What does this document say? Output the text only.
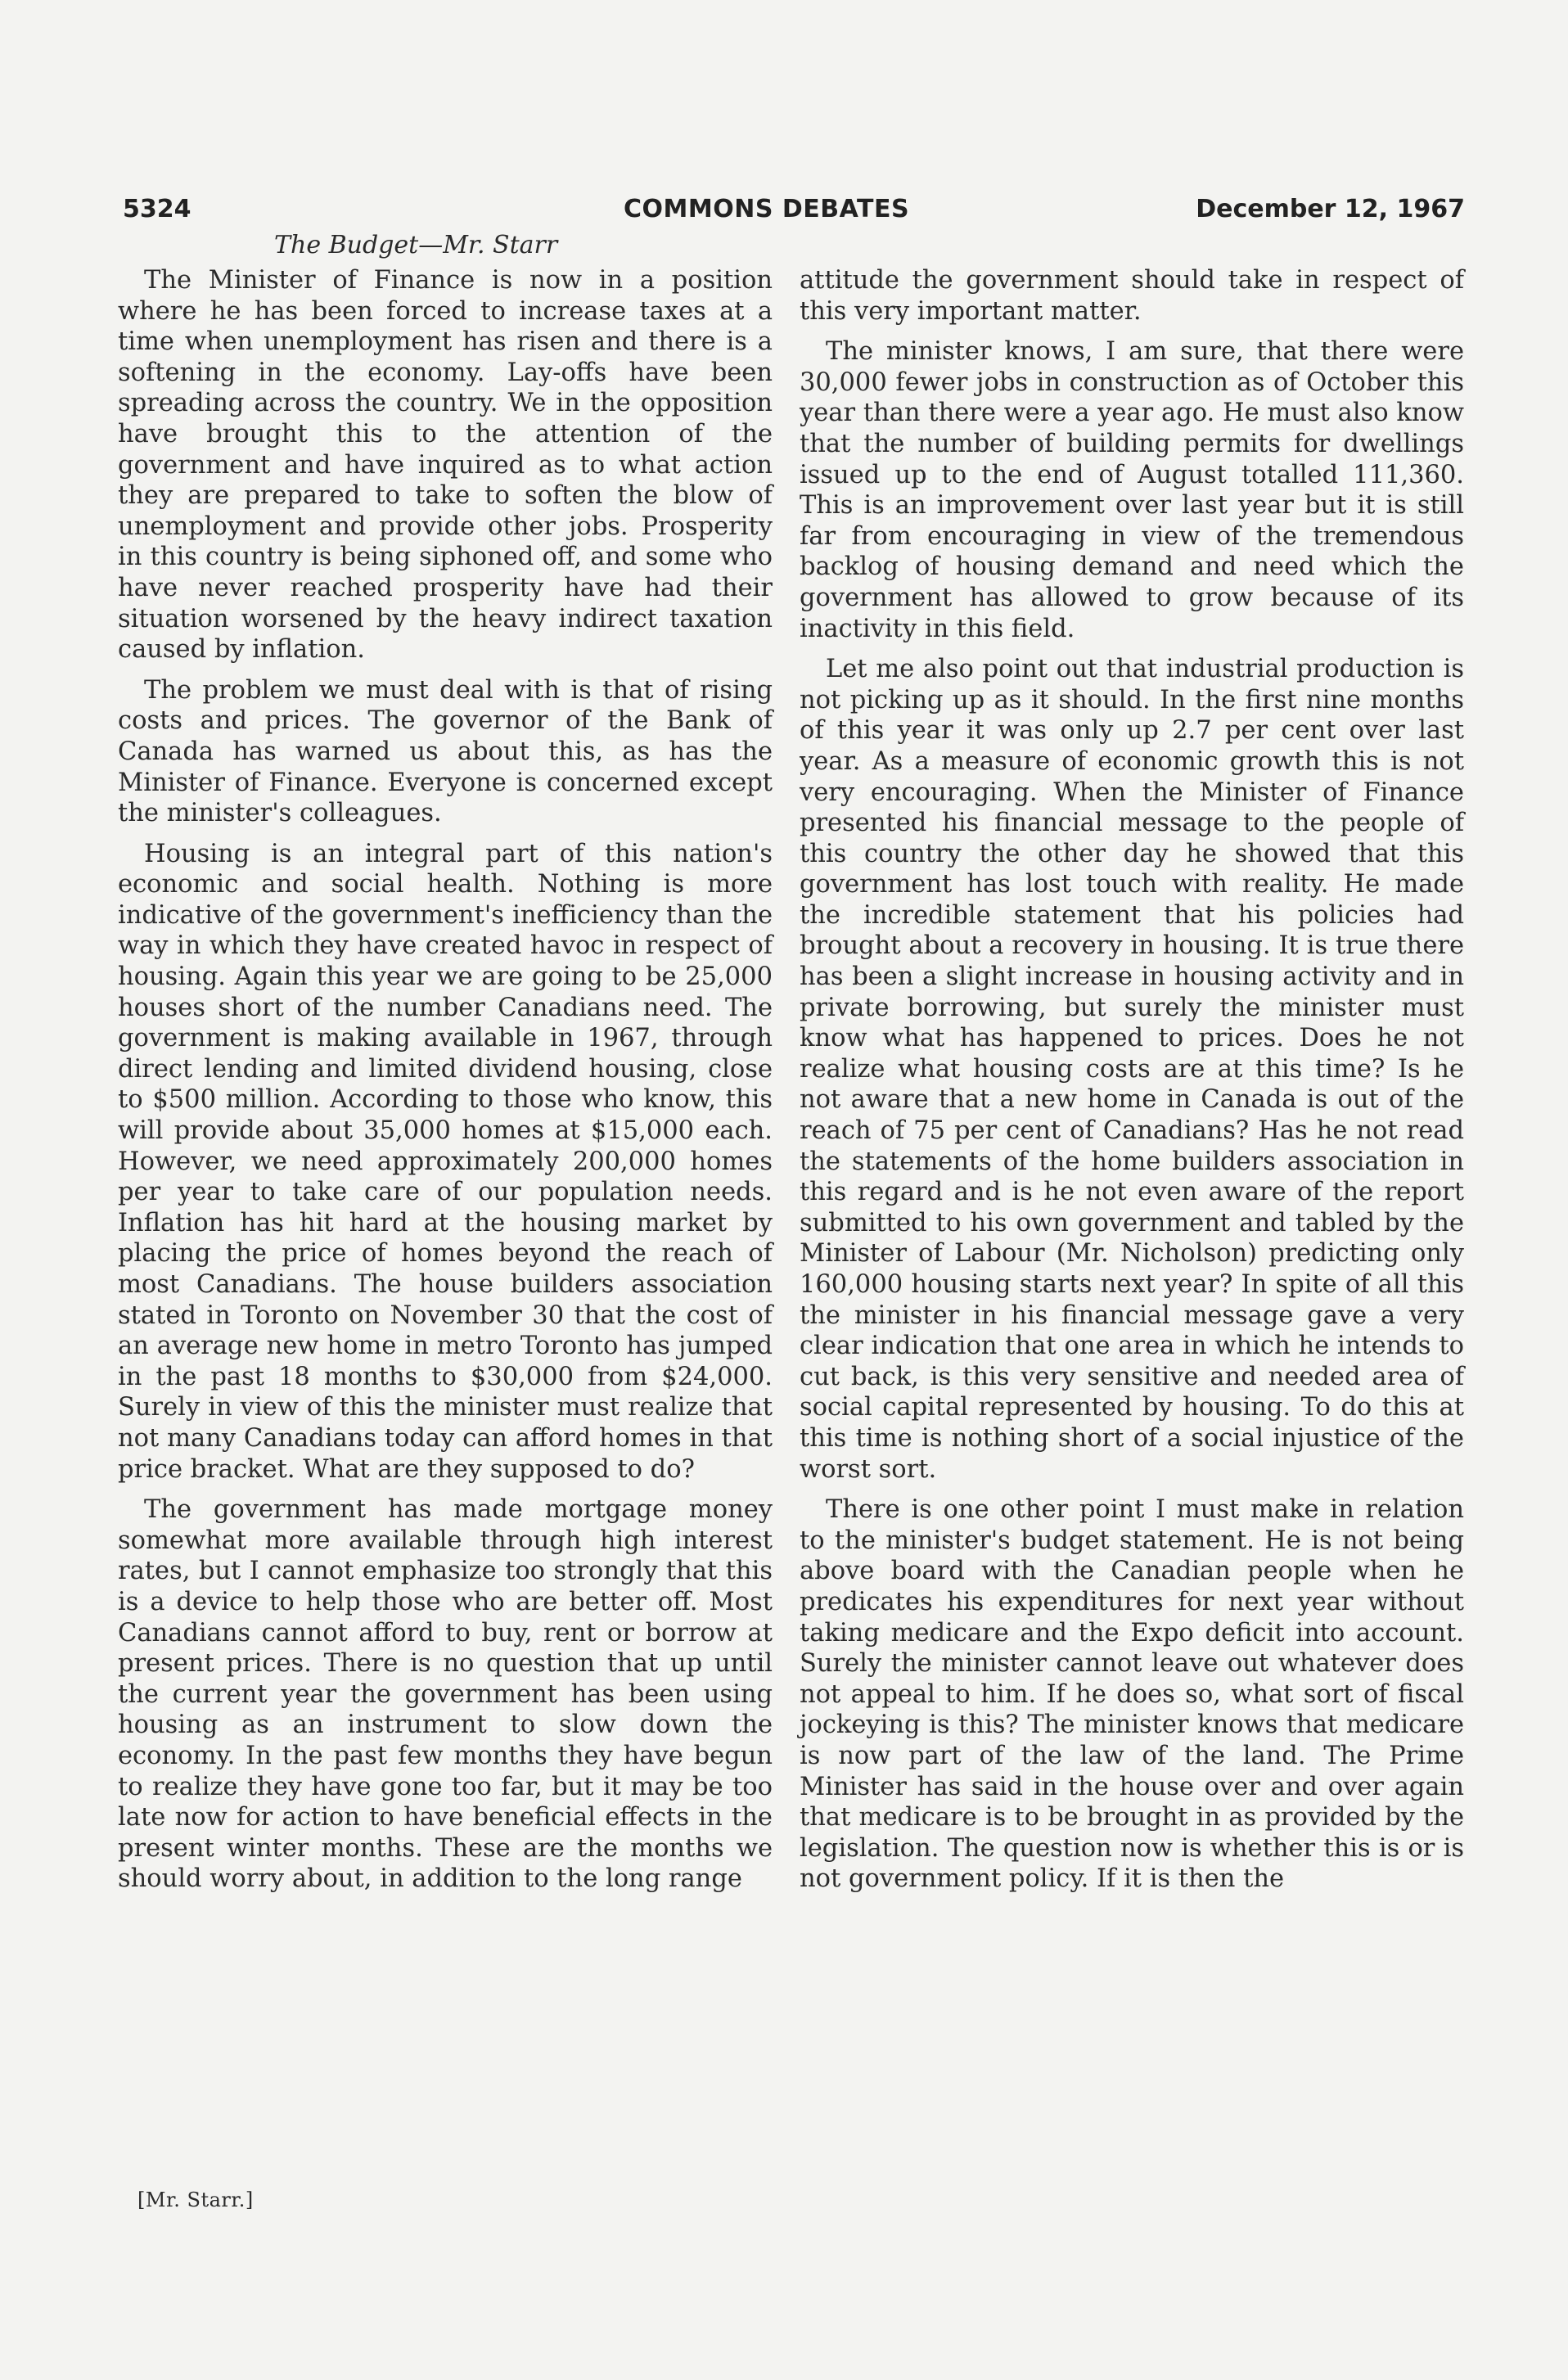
5324	COMMONS DEBATES	December 12, 1967
The Budget—Mr. Starr

The Minister of Finance is now in a position where he has been forced to increase taxes at a time when unemployment has risen and there is a softening in the economy. Lay-offs have been spreading across the country. We in the opposition have brought this to the attention of the government and have inquired as to what action they are prepared to take to soften the blow of unemployment and provide other jobs. Prosperity in this country is being siphoned off, and some who have never reached prosperity have had their situation worsened by the heavy indirect taxation caused by inflation.

The problem we must deal with is that of rising costs and prices. The governor of the Bank of Canada has warned us about this, as has the Minister of Finance. Everyone is concerned except the minister's colleagues.

Housing is an integral part of this nation's economic and social health. Nothing is more indicative of the government's inefficiency than the way in which they have created havoc in respect of housing. Again this year we are going to be 25,000 houses short of the number Canadians need. The government is making available in 1967, through direct lending and limited dividend housing, close to $500 million. According to those who know, this will provide about 35,000 homes at $15,000 each. However, we need approximately 200,000 homes per year to take care of our population needs. Inflation has hit hard at the housing market by placing the price of homes beyond the reach of most Canadians. The house builders association stated in Toronto on November 30 that the cost of an average new home in metro Toronto has jumped in the past 18 months to $30,000 from $24,000. Surely in view of this the minister must realize that not many Canadians today can afford homes in that price bracket. What are they supposed to do?

The government has made mortgage money somewhat more available through high interest rates, but I cannot emphasize too strongly that this is a device to help those who are better off. Most Canadians cannot afford to buy, rent or borrow at present prices. There is no question that up until the current year the government has been using housing as an instrument to slow down the economy. In the past few months they have begun to realize they have gone too far, but it may be too late now for action to have beneficial effects in the present winter months. These are the months we should worry about, in addition to the long range

attitude the government should take in respect of this very important matter.

The minister knows, I am sure, that there were 30,000 fewer jobs in construction as of October this year than there were a year ago. He must also know that the number of building permits for dwellings issued up to the end of August totalled 111,360. This is an improvement over last year but it is still far from encouraging in view of the tremendous backlog of housing demand and need which the government has allowed to grow because of its inactivity in this field.

Let me also point out that industrial production is not picking up as it should. In the first nine months of this year it was only up 2.7 per cent over last year. As a measure of economic growth this is not very encouraging. When the Minister of Finance presented his financial message to the people of this country the other day he showed that this government has lost touch with reality. He made the incredible statement that his policies had brought about a recovery in housing. It is true there has been a slight increase in housing activity and in private borrowing, but surely the minister must know what has happened to prices. Does he not realize what housing costs are at this time? Is he not aware that a new home in Canada is out of the reach of 75 per cent of Canadians? Has he not read the statements of the home builders association in this regard and is he not even aware of the report submitted to his own government and tabled by the Minister of Labour (Mr. Nicholson) predicting only 160,000 housing starts next year? In spite of all this the minister in his financial message gave a very clear indication that one area in which he intends to cut back, is this very sensitive and needed area of social capital represented by housing. To do this at this time is nothing short of a social injustice of the worst sort.

There is one other point I must make in relation to the minister's budget statement. He is not being above board with the Canadian people when he predicates his expenditures for next year without taking medicare and the Expo deficit into account. Surely the minister cannot leave out whatever does not appeal to him. If he does so, what sort of fiscal jockeying is this? The minister knows that medicare is now part of the law of the land. The Prime Minister has said in the house over and over again that medicare is to be brought in as provided by the legislation. The question now is whether this is or is not government policy. If it is then the

[Mr. Starr.]
